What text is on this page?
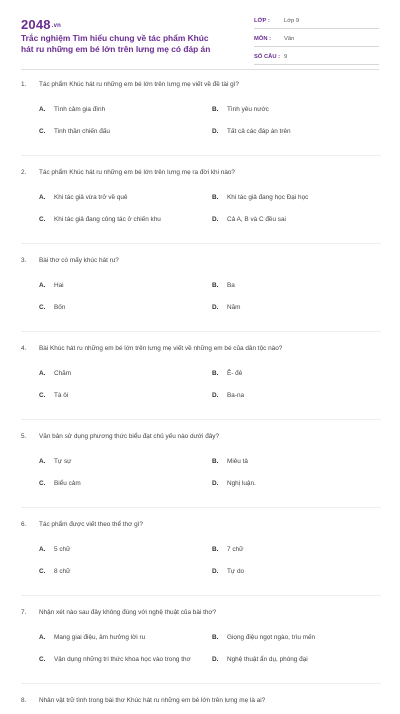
2048.vn
Trắc nghiệm Tìm hiểu chung về tác phẩm Khúc hát ru những em bé lớn trên lưng mẹ có đáp án
LỚP :	Lớp 9
MÔN :	Văn
SỐ CÂU : 9
1.	Tác phẩm Khúc hát ru những em bé lớn trên lưng mẹ viết về đề tài gì?
A.	Tình cảm gia đình	B.	Tình yêu nước
C.	Tinh thần chiến đấu	D.	Tất cả các đáp án trên
2.	Tác phẩm Khúc hát ru những em bé lớn trên lưng mẹ ra đời khi nào?
A.	Khi tác giả vừa trở về quê	B.	Khi tác giả đang học Đại học
C.	Khi tác giả đang công tác ở chiến khu	D.	Cả A, B và C đều sai
3.	Bài thơ có mấy khúc hát ru?
A.	Hai	B.	Ba
C.	Bốn	D.	Năm
4.	Bài Khúc hát ru những em bé lớn trên lưng mẹ viết về những em bé của dân tộc nào?
A.	Chăm	B.	Ê- đê
C.	Tà ôi	D.	Ba-na
5.	Văn bản sử dụng phương thức biểu đạt chủ yếu nào dưới đây?
A.	Tự sự	B.	Miêu tả
C.	Biểu cảm	D.	Nghị luận.
6.	Tác phẩm được viết theo thể thơ gì?
A.	5 chữ	B.	7 chữ
C.	8 chữ	D.	Tự do
7.	Nhận xét nào sau đây không đúng với nghệ thuật của bài thơ?
A.	Mang giai điệu, âm hưởng lời ru	B.	Giọng điệu ngọt ngào, trìu mến
C.	Vận dụng những tri thức khoa học vào trong thơ	D.	Nghệ thuật ẩn dụ, phóng đại
8.	Nhân vật trữ tình trong bài thơ Khúc hát ru những em bé lớn trên lưng mẹ là ai?
